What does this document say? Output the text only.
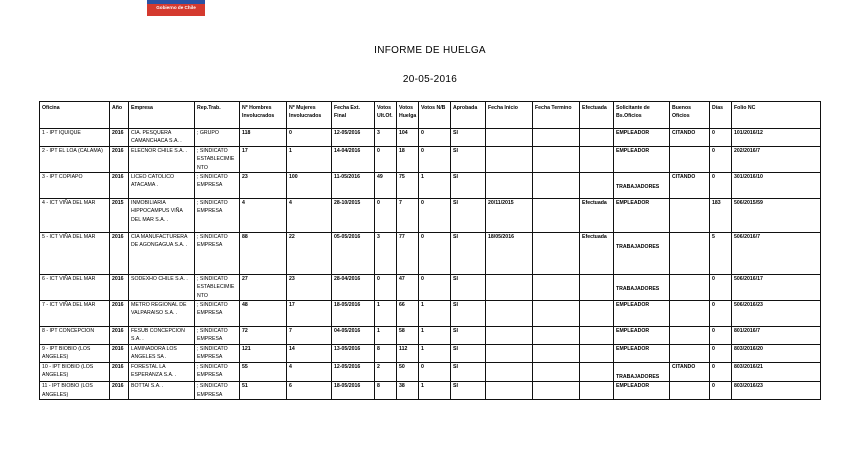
Gobierno de Chile
INFORME DE HUELGA
20-05-2016
Oficina	Año	Empresa	Rep.Trab.	Nº Hombres Involucrados	Nº Mujeres Involucrados	Fecha Ext. Final	Votos Ult.Of.	Votos Huelga	Votos N/B	Aprobada	Fecha Inicio	Fecha Termino	Efectuada	Solicitante de Bs.Oficios	Buenos Oficios	Días	Folio NC
1 - IPT IQUIQUE	2016	CIA. PESQUERA CAMANCHACA S.A. .	; GRUPO	118	0	12-05/2016	3	104	0	SI				EMPLEADOR	CITANDO	0	101/2016/12
2 - IPT EL LOA (CALAMA)	2016	ELECNOR CHILE S.A. .	; SINDICATO ESTABLECIMIENTO	17	1	14-04/2016	0	18	0	SI				EMPLEADOR		0	202/2016/7
3 - IPT COPIAPO	2016	LICEO CATOLICO ATACAMA .	; SINDICATO EMPRESA	23	100	11-05/2016	49	75	1	SI				TRABAJADORES	CITANDO	0	301/2016/10
4 - ICT VIÑA DEL MAR	2015	INMOBILIARIA HIPPOCAMPUS VIÑA DEL MAR S.A. .	; SINDICATO EMPRESA	4	4	28-10/2015	0	7	0	SI	20/11/2015		Efectuada	EMPLEADOR		183	506/2015/59
5 - ICT VIÑA DEL MAR	2016	CIA MANUFACTURERA DE AGONGAGUA S.A. .	; SINDICATO EMPRESA	88	22	05-05/2016	3	77	0	SI	18/05/2016		Efectuada	TRABAJADORES		5	506/2016/7
6 - ICT VIÑA DEL MAR	2016	SODEXHO CHILE S.A. .	; SINDICATO ESTABLECIMIENTO	27	23	28-04/2016	0	47	0	SI				TRABAJADORES		0	506/2016/17
7 - ICT VIÑA DEL MAR	2016	METRO REGIONAL DE VALPARAISO S.A. .	; SINDICATO EMPRESA	48	17	18-05/2016	1	66	1	SI				EMPLEADOR		0	506/2016/23
8 - IPT CONCEPCION	2016	FESUB CONCEPCION S.A. .	; SINDICATO EMPRESA	72	7	04-05/2016	1	58	1	SI				EMPLEADOR		0	801/2016/7
9 - IPT BIOBIO (LOS ANGELES)	2016	LAMINADORA LOS ANGELES SA .	; SINDICATO EMPRESA	121	14	13-05/2016	8	112	1	SI				EMPLEADOR		0	803/2016/20
10 - IPT BIOBIO (LOS ANGELES)	2016	FORESTAL LA ESPERANZA S.A. .	; SINDICATO EMPRESA	55	4	12-05/2016	2	50	0	SI				TRABAJADORES	CITANDO	0	803/2016/21
11 - IPT BIOBIO (LOS ANGELES)	2016	BOTTAI S.A. .	; SINDICATO EMPRESA	51	6	18-05/2016	8	38	1	SI				EMPLEADOR		0	803/2016/23
